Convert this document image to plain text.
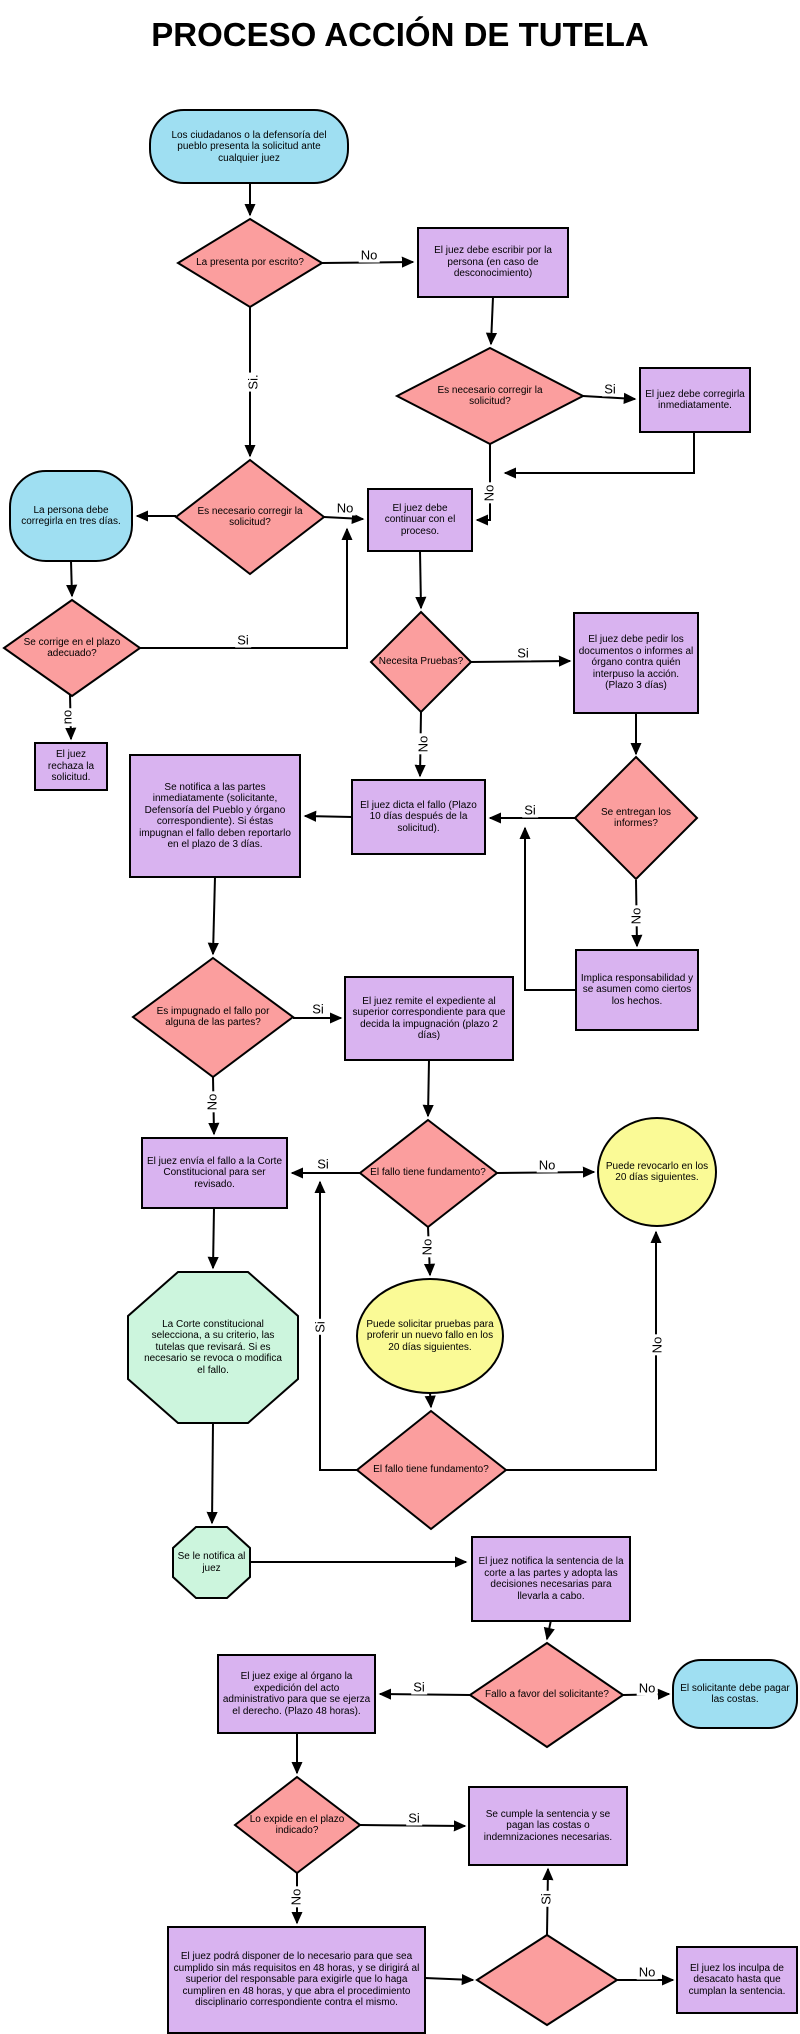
PROCESO ACCIÓN DE TUTELA
Los ciudadanos o la defensoría del pueblo presenta la solicitud ante cualquier juez
La presenta por escrito?
El juez debe escribir por la persona (en caso de desconocimiento)
Es necesario corregir la solicitud?
El juez debe corregirla inmediatamente.
Es necesario corregir la solicitud?
La persona debe corregirla en tres días.
El juez debe continuar con el proceso.
Se corrige en el plazo adecuado?
El juez rechaza la solicitud.
Necesita Pruebas?
El juez debe pedir los documentos o informes al órgano contra quién interpuso la acción. (Plazo 3 días)
Se notifica a las partes inmediatamente (solicitante, Defensoría del Pueblo y órgano correspondiente). Si éstas impugnan el fallo deben reportarlo en el plazo de 3 días.
El juez dicta el fallo (Plazo 10 días después de la solicitud).
Se entregan los informes?
Implica responsabilidad y se asumen como ciertos los hechos.
Es impugnado el fallo por alguna de las partes?
El juez remite el expediente al superior correspondiente para que decida la impugnación (plazo 2 días)
El juez envía el fallo a la Corte Constitucional para ser revisado.
El fallo tiene fundamento?
Puede revocarlo en los 20 días siguientes.
La Corte constitucional selecciona, a su criterio, las tutelas que revisará. Si es necesario se revoca o modifica el fallo.
Puede solicitar pruebas para proferir un nuevo fallo en los 20 días siguientes.
El fallo tiene fundamento?
Se le notifica al juez
El juez notifica la sentencia de la corte a las partes y adopta las decisiones necesarias para llevarla a cabo.
Fallo a favor del solicitante?
El solicitante debe pagar las costas.
El juez exige al órgano la expedición del acto administrativo para que se ejerza el derecho. (Plazo 48 horas).
Lo expide en el plazo indicado?
Se cumple la sentencia y se pagan las costas o indemnizaciones necesarias.
El juez podrá disponer de lo necesario para que sea cumplido sin más requisitos en 48 horas, y se dirigirá al superior del responsable para exigirle que lo haga cumpliren en 48 horas, y que abra el procedimiento disciplinario correspondiente contra el mismo.
El juez los inculpa de desacato hasta que cumplan la sentencia.
No
Si.	Si
No
No
Si
no
Si
No
Si
No
Si
No
Si	No
No
Si
No
Si	No
Si
No	Si
No
